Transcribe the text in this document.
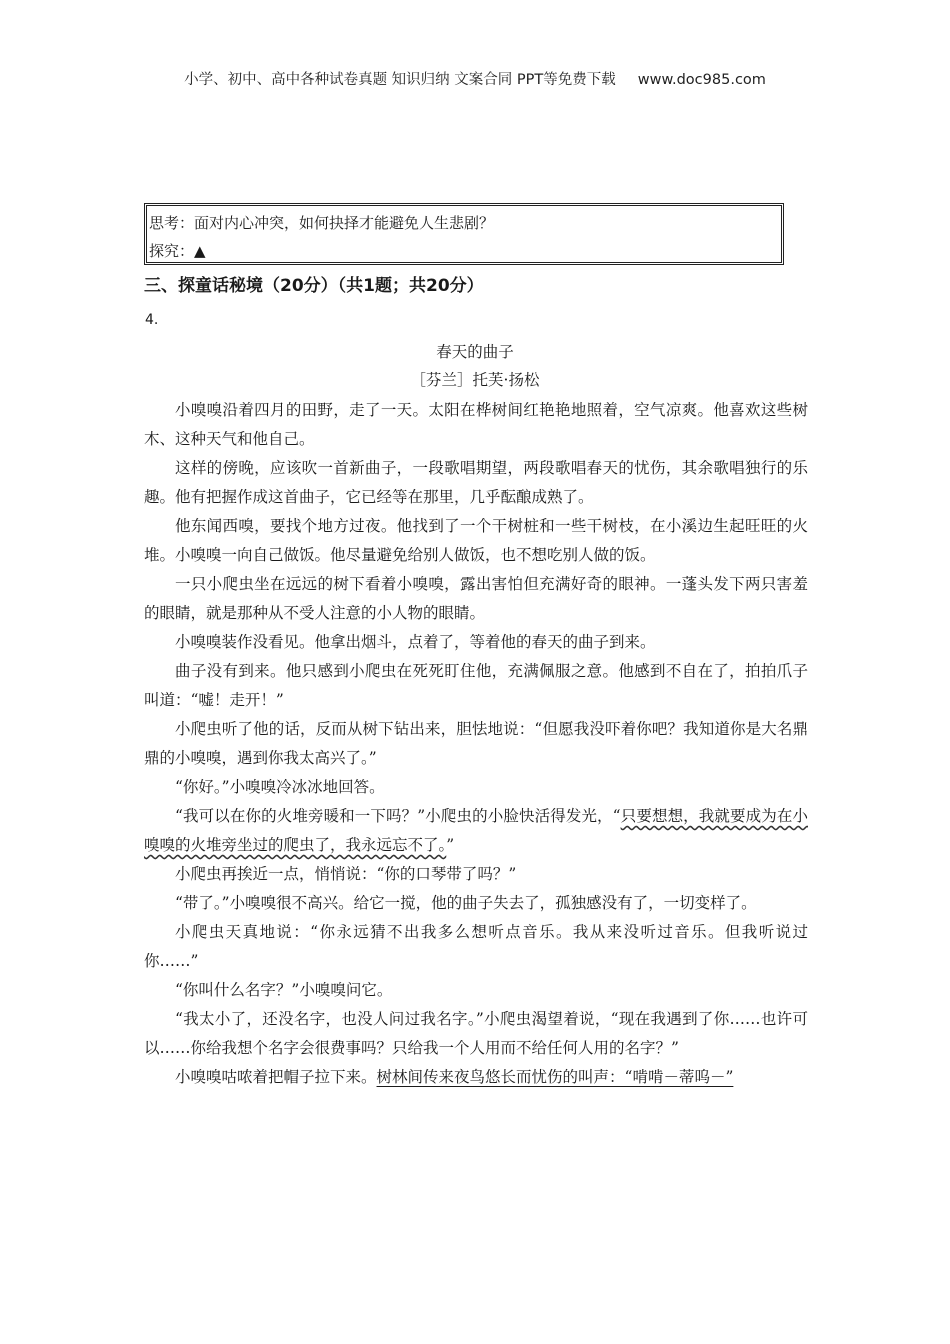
小学、初中、高中各种试卷真题 知识归纳 文案合同 PPT等免费下载 www.doc985.com
思考：面对内心冲突，如何抉择才能避免人生悲剧？
探究：▲
三、探童话秘境（20分）（共1题；共20分）
4.
春天的曲子
［芬兰］托芙·扬松

小嗅嗅沿着四月的田野，走了一天。太阳在桦树间红艳艳地照着，空气凉爽。他喜欢这些树木、这种天气和他自己。

这样的傍晚，应该吹一首新曲子，一段歌唱期望，两段歌唱春天的忧伤，其余歌唱独行的乐趣。他有把握作成这首曲子，它已经等在那里，几乎酝酿成熟了。

他东闻西嗅，要找个地方过夜。他找到了一个干树桩和一些干树枝，在小溪边生起旺旺的火堆。小嗅嗅一向自己做饭。他尽量避免给别人做饭，也不想吃别人做的饭。

一只小爬虫坐在远远的树下看着小嗅嗅，露出害怕但充满好奇的眼神。一蓬头发下两只害羞的眼睛，就是那种从不受人注意的小人物的眼睛。

小嗅嗅装作没看见。他拿出烟斗，点着了，等着他的春天的曲子到来。

曲子没有到来。他只感到小爬虫在死死盯住他，充满佩服之意。他感到不自在了，拍拍爪子叫道：“嘘！走开！”

小爬虫听了他的话，反而从树下钻出来，胆怯地说：“但愿我没吓着你吧？我知道你是大名鼎鼎的小嗅嗅，遇到你我太高兴了。”

“你好。”小嗅嗅冷冰冰地回答。

“我可以在你的火堆旁暖和一下吗？”小爬虫的小脸快活得发光，“只要想想，我就要成为在小嗅嗅的火堆旁坐过的爬虫了，我永远忘不了。”

小爬虫再挨近一点，悄悄说：“你的口琴带了吗？”

“带了。”小嗅嗅很不高兴。给它一搅，他的曲子失去了，孤独感没有了，一切变样了。

小爬虫天真地说：“你永远猜不出我多么想听点音乐。我从来没听过音乐。但我听说过你……”

“你叫什么名字？”小嗅嗅问它。

“我太小了，还没名字，也没人问过我名字。”小爬虫渴望着说，“现在我遇到了你……也许可以……你给我想个名字会很费事吗？只给我一个人用而不给任何人用的名字？”

小嗅嗅咕哝着把帽子拉下来。树林间传来夜鸟悠长而忧伤的叫声：“啃啃－蒂呜－”
